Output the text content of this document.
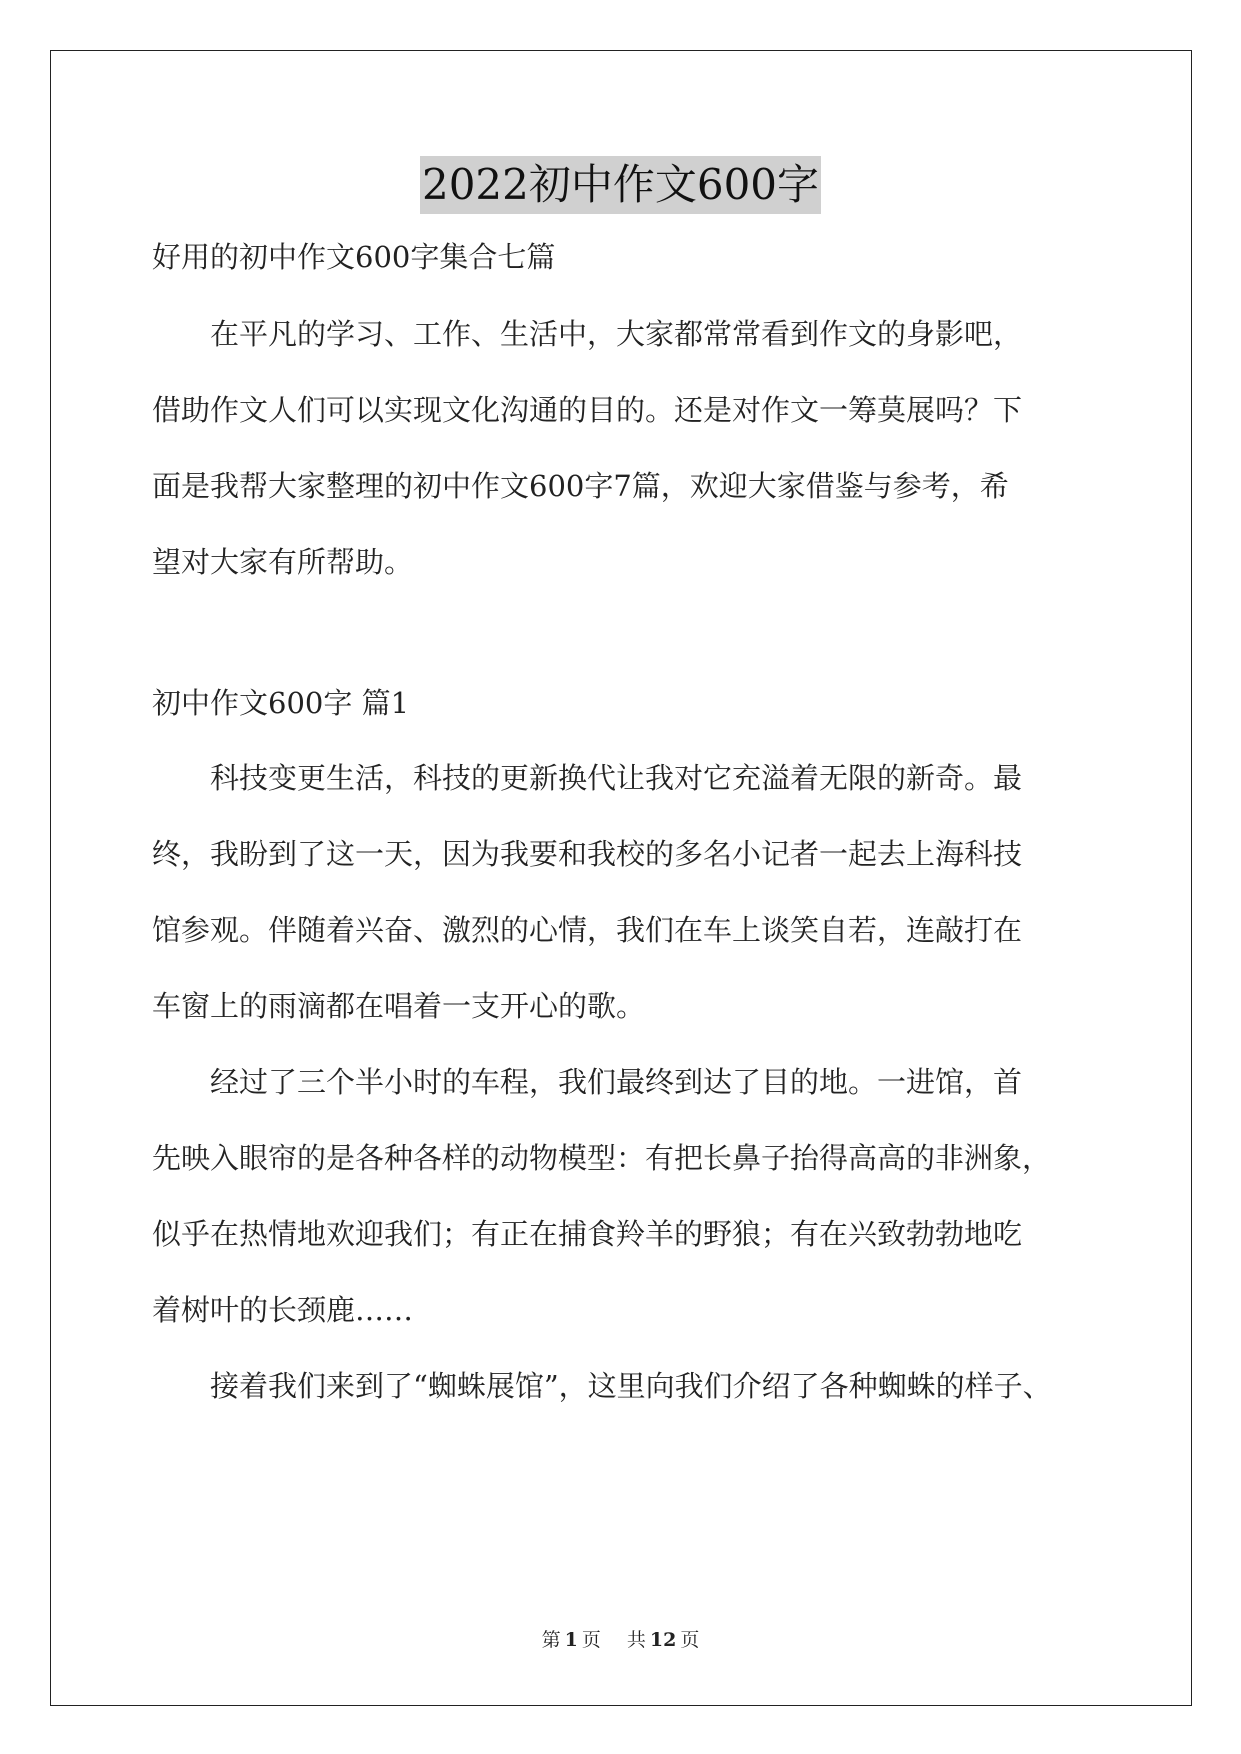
2022初中作文600字
好用的初中作文600字集合七篇
　　在平凡的学习、工作、生活中，大家都常常看到作文的身影吧，
借助作文人们可以实现文化沟通的目的。还是对作文一筹莫展吗？下
面是我帮大家整理的初中作文600字7篇，欢迎大家借鉴与参考，希
望对大家有所帮助。
初中作文600字 篇1
　　科技变更生活，科技的更新换代让我对它充溢着无限的新奇。最
终，我盼到了这一天，因为我要和我校的多名小记者一起去上海科技
馆参观。伴随着兴奋、激烈的心情，我们在车上谈笑自若，连敲打在
车窗上的雨滴都在唱着一支开心的歌。
　　经过了三个半小时的车程，我们最终到达了目的地。一进馆，首
先映入眼帘的是各种各样的动物模型：有把长鼻子抬得高高的非洲象，
似乎在热情地欢迎我们；有正在捕食羚羊的野狼；有在兴致勃勃地吃
着树叶的长颈鹿……
　　接着我们来到了“蜘蛛展馆”，这里向我们介绍了各种蜘蛛的样子、
第 1 页 共 12 页
